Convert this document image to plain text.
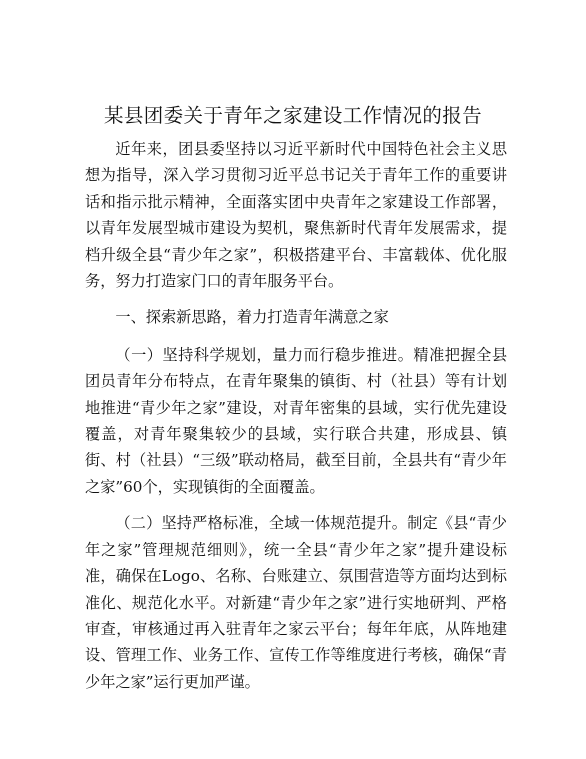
某县团委关于青年之家建设工作情况的报告

近年来，团县委坚持以习近平新时代中国特色社会主义思想为指导，深入学习贯彻习近平总书记关于青年工作的重要讲话和指示批示精神，全面落实团中央青年之家建设工作部署，以青年发展型城市建设为契机，聚焦新时代青年发展需求，提档升级全县“青少年之家”，积极搭建平台、丰富载体、优化服务，努力打造家门口的青年服务平台。

一、探索新思路，着力打造青年满意之家

（一）坚持科学规划，量力而行稳步推进。精准把握全县团员青年分布特点，在青年聚集的镇街、村（社县）等有计划地推进“青少年之家”建设，对青年密集的县域，实行优先建设覆盖，对青年聚集较少的县域，实行联合共建，形成县、镇街、村（社县）“三级”联动格局，截至目前，全县共有“青少年之家”60个，实现镇街的全面覆盖。

（二）坚持严格标准，全域一体规范提升。制定《县“青少年之家”管理规范细则》，统一全县“青少年之家”提升建设标准，确保在Logo、名称、台账建立、氛围营造等方面均达到标准化、规范化水平。对新建“青少年之家”进行实地研判、严格审查，审核通过再入驻青年之家云平台；每年年底，从阵地建设、管理工作、业务工作、宣传工作等维度进行考核，确保“青少年之家”运行更加严谨。
